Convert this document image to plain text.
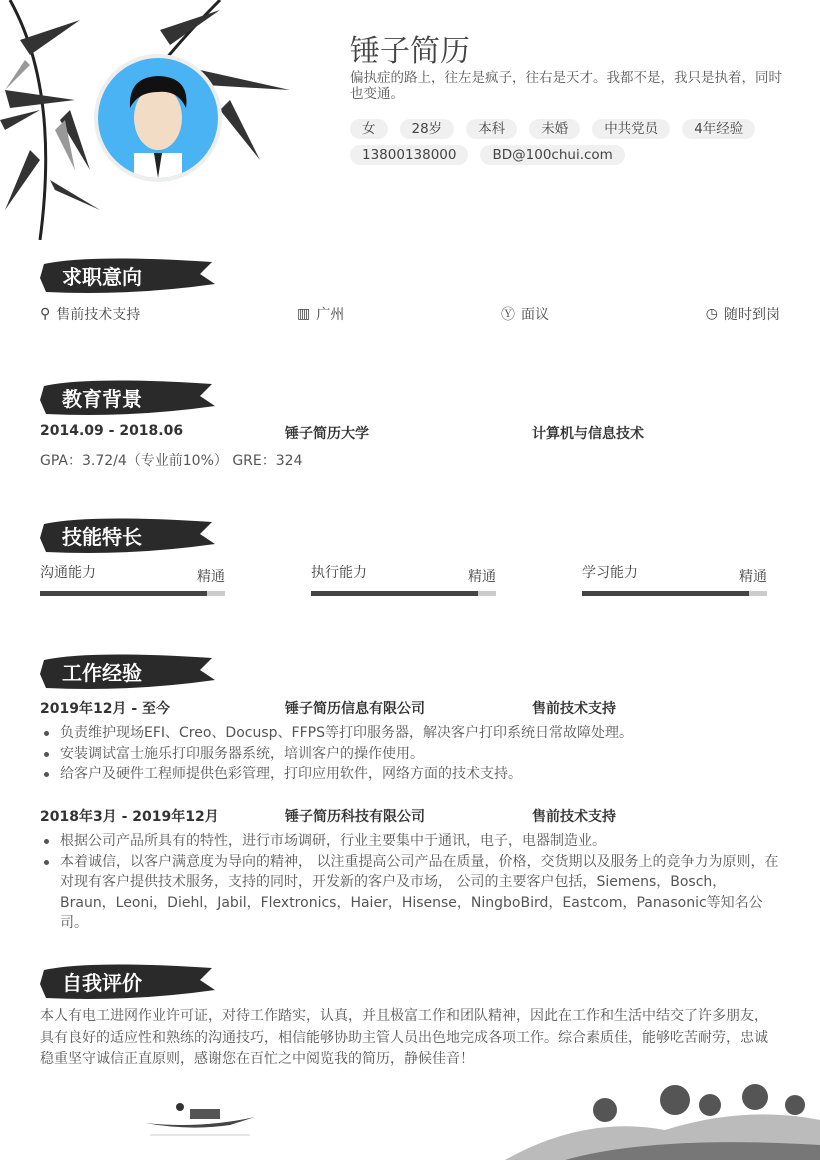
锤子简历
偏执症的路上，往左是疯子，往右是天才。我都不是，我只是执着，同时也变通。
女	28岁	本科	未婚	中共党员	4年经验
13800138000	BD@100chui.com
求职意向
教育背景
技能特长
工作经验
自我评价
⚲ 售前技术支持	▥ 广州	Ⓨ 面议	◷ 随时到岗
2014.09 - 2018.06	锤子简历大学	计算机与信息技术
GPA：3.72/4（专业前10%） GRE：324
沟通能力	精通	执行能力	精通	学习能力	精通
2019年12月 - 至今	锤子简历信息有限公司	售前技术支持
负责维护现场EFI、Creo、Docusp、FFPS等打印服务器，解决客户打印系统日常故障处理。
安装调试富士施乐打印服务器系统，培训客户的操作使用。
给客户及硬件工程师提供色彩管理，打印应用软件，网络方面的技术支持。
2018年3月 - 2019年12月	锤子简历科技有限公司	售前技术支持
根据公司产品所具有的特性，进行市场调研，行业主要集中于通讯，电子，电器制造业。
本着诚信，以客户满意度为导向的精神， 以注重提高公司产品在质量，价格，交货期以及服务上的竞争力为原则，在对现有客户提供技术服务，支持的同时，开发新的客户及市场， 公司的主要客户包括，Siemens，Bosch，Braun，Leoni，Diehl，Jabil，Flextronics，Haier，Hisense，NingboBird，Eastcom，Panasonic等知名公司。
本人有电工进网作业许可证，对待工作踏实，认真，并且极富工作和团队精神，因此在工作和生活中结交了许多朋友，具有良好的适应性和熟练的沟通技巧，相信能够协助主管人员出色地完成各项工作。综合素质佳，能够吃苦耐劳，忠诚稳重坚守诚信正直原则，感谢您在百忙之中阅览我的简历，静候佳音！
